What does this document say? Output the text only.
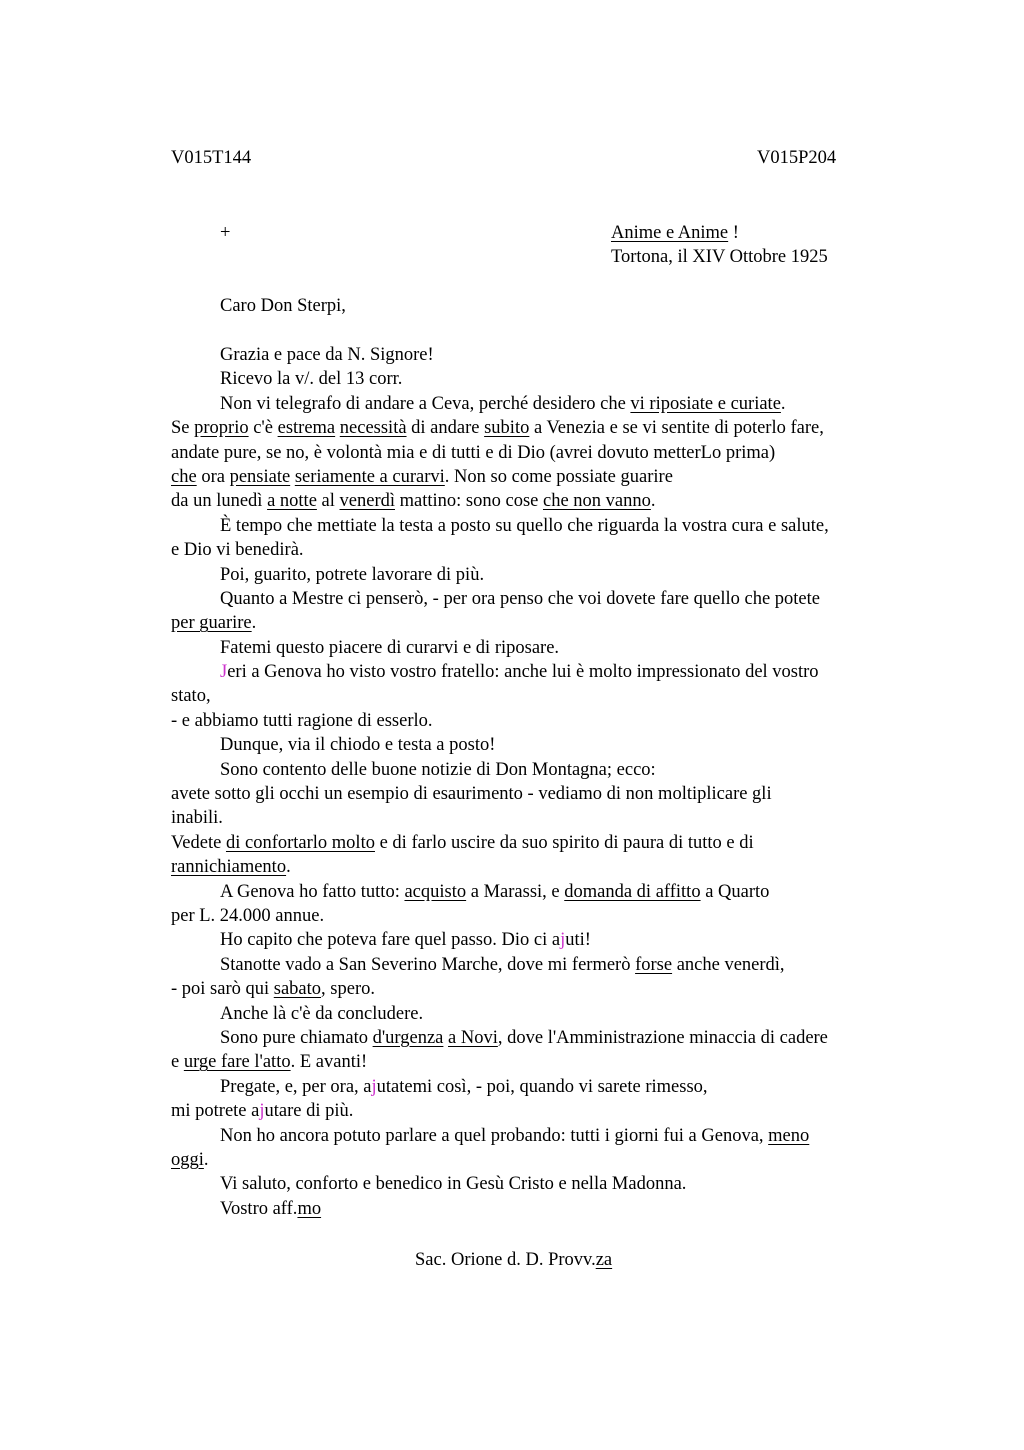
V015T144	V015P204
+	Anime e Anime !
Tortona, il XIV Ottobre 1925
Caro Don Sterpi,
Grazia e pace da N. Signore!
Ricevo la v/. del 13 corr.
Non vi telegrafo di andare a Ceva, perché desidero che vi riposiate e curiate.
Se proprio c'è estrema necessità di andare subito a Venezia e se vi sentite di poterlo fare,
andate pure, se no, è volontà mia e di tutti e di Dio (avrei dovuto metterLo prima)
che ora pensiate seriamente a curarvi. Non so come possiate guarire
da un lunedì a notte al venerdì mattino: sono cose che non vanno.
È tempo che mettiate la testa a posto su quello che riguarda la vostra cura e salute,
e Dio vi benedirà.
Poi, guarito, potrete lavorare di più.
Quanto a Mestre ci penserò, - per ora penso che voi dovete fare quello che potete
per guarire.
Fatemi questo piacere di curarvi e di riposare.
Jeri a Genova ho visto vostro fratello: anche lui è molto impressionato del vostro
stato,
- e abbiamo tutti ragione di esserlo.
Dunque, via il chiodo e testa a posto!
Sono contento delle buone notizie di Don Montagna; ecco:
avete sotto gli occhi un esempio di esaurimento - vediamo di non moltiplicare gli
inabili.
Vedete di confortarlo molto e di farlo uscire da suo spirito di paura di tutto e di
rannichiamento.
A Genova ho fatto tutto: acquisto a Marassi, e domanda di affitto a Quarto
per L. 24.000 annue.
Ho capito che poteva fare quel passo. Dio ci ajuti!
Stanotte vado a San Severino Marche, dove mi fermerò forse anche venerdì,
- poi sarò qui sabato, spero.
Anche là c'è da concludere.
Sono pure chiamato d'urgenza a Novi, dove l'Amministrazione minaccia di cadere
e urge fare l'atto. E avanti!
Pregate, e, per ora, ajutatemi così, - poi, quando vi sarete rimesso,
mi potrete ajutare di più.
Non ho ancora potuto parlare a quel probando: tutti i giorni fui a Genova, meno
oggi.
Vi saluto, conforto e benedico in Gesù Cristo e nella Madonna.
Vostro aff.mo
Sac. Orione d. D. Provv.za
